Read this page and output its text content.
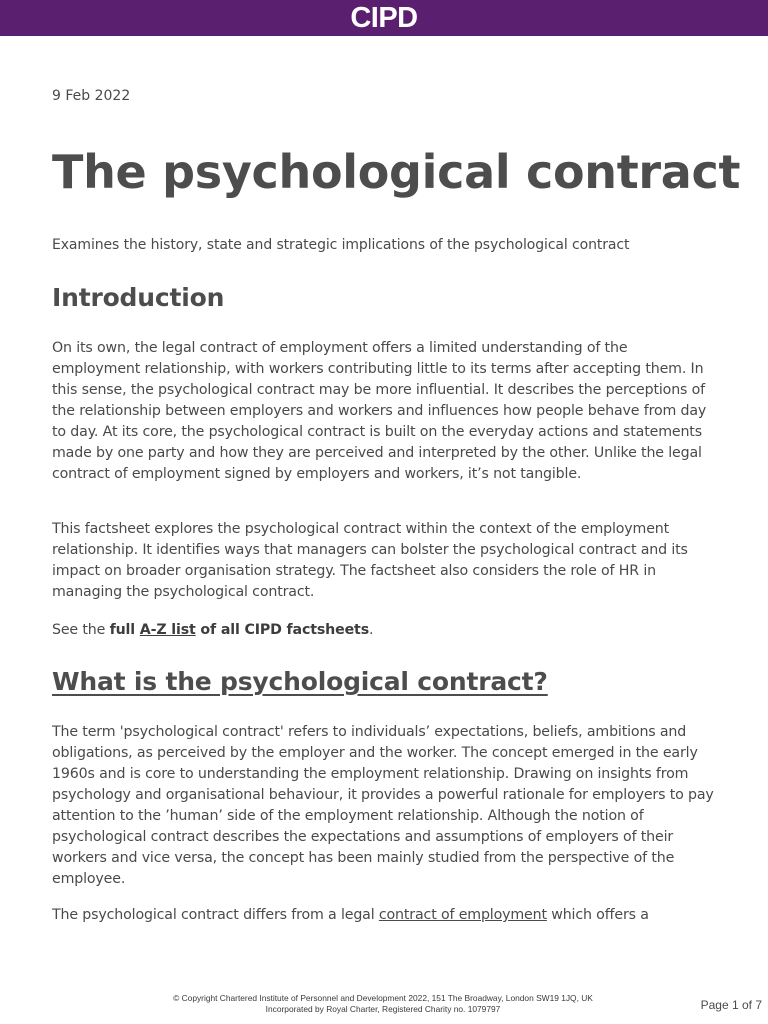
CIPD
9 Feb 2022
The psychological contract
Examines the history, state and strategic implications of the psychological contract
Introduction

On its own, the legal contract of employment offers a limited understanding of the employment relationship, with workers contributing little to its terms after accepting them. In this sense, the psychological contract may be more influential. It describes the perceptions of the relationship between employers and workers and influences how people behave from day to day. At its core, the psychological contract is built on the everyday actions and statements made by one party and how they are perceived and interpreted by the other. Unlike the legal contract of employment signed by employers and workers, it’s not tangible.

This factsheet explores the psychological contract within the context of the employment relationship. It identifies ways that managers can bolster the psychological contract and its impact on broader organisation strategy. The factsheet also considers the role of HR in managing the psychological contract.

See the full A-Z list of all CIPD factsheets.

What is the psychological contract?

The term 'psychological contract' refers to individuals’ expectations, beliefs, ambitions and obligations, as perceived by the employer and the worker. The concept emerged in the early 1960s and is core to understanding the employment relationship. Drawing on insights from psychology and organisational behaviour, it provides a powerful rationale for employers to pay attention to the ’human’ side of the employment relationship. Although the notion of psychological contract describes the expectations and assumptions of employers of their workers and vice versa, the concept has been mainly studied from the perspective of the employee.

The psychological contract differs from a legal contract of employment which offers a

© Copyright Chartered Institute of Personnel and Development 2022, 151 The Broadway, London SW19 1JQ, UK
Incorporated by Royal Charter, Registered Charity no. 1079797	Page 1 of 7
